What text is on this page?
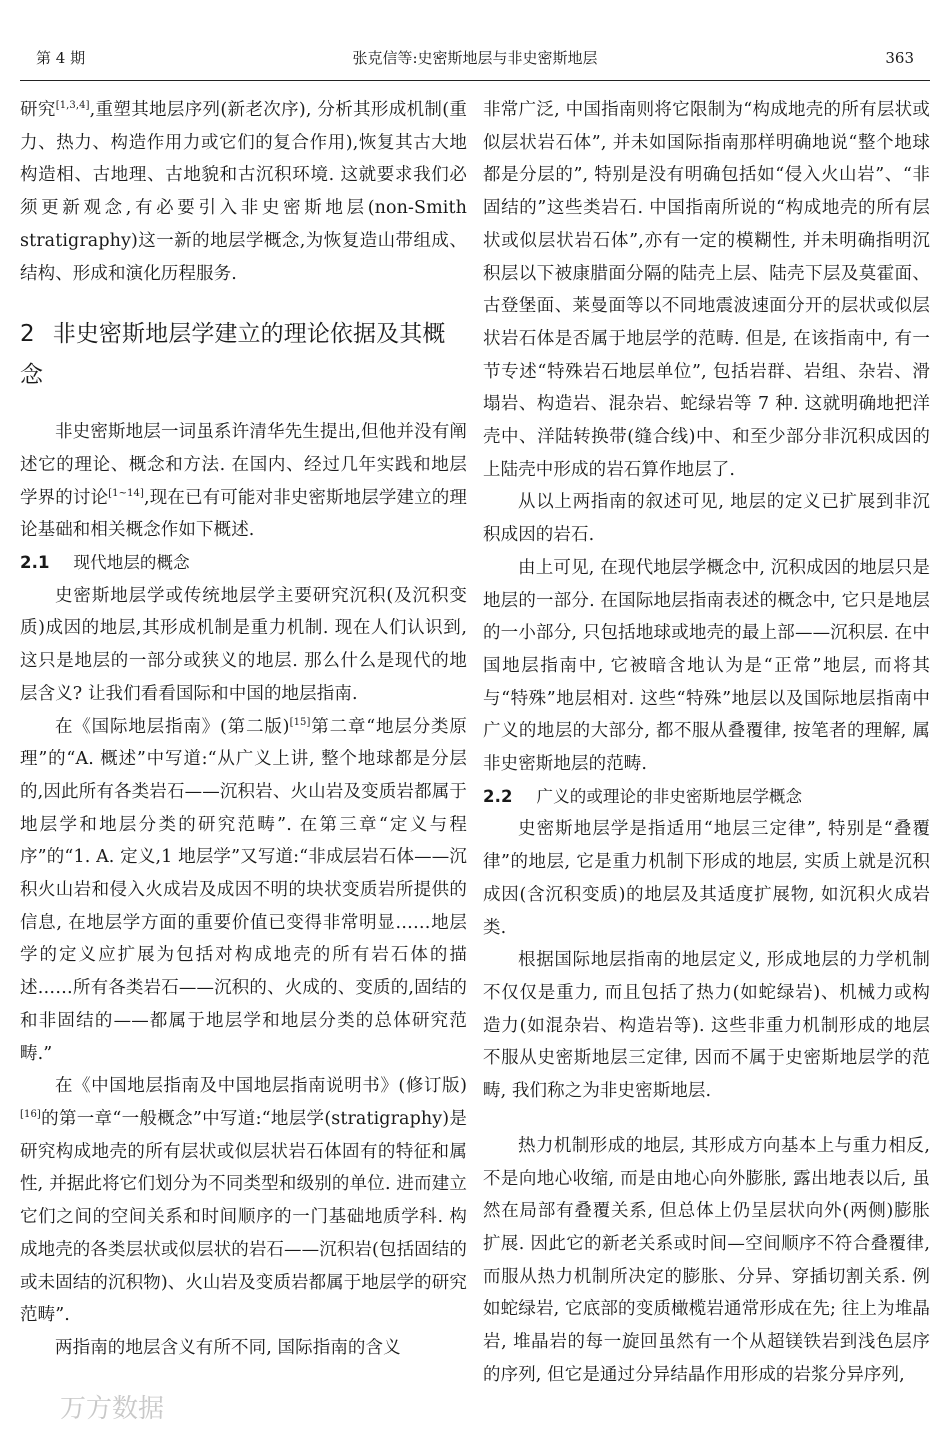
第 4 期	张克信等:史密斯地层与非史密斯地层	363

研究[1,3,4],重塑其地层序列(新老次序), 分析其形成机制(重力、热力、构造作用力或它们的复合作用),恢复其古大地构造相、古地理、古地貌和古沉积环境. 这就要求我们必须更新观念,有必要引入非史密斯地层(non-Smith stratigraphy)这一新的地层学概念,为恢复造山带组成、结构、形成和演化历程服务.

2 非史密斯地层学建立的理论依据及其概念

非史密斯地层一词虽系许清华先生提出,但他并没有阐述它的理论、概念和方法. 在国内、经过几年实践和地层学界的讨论[1~14],现在已有可能对非史密斯地层学建立的理论基础和相关概念作如下概述.

2.1 现代地层的概念

史密斯地层学或传统地层学主要研究沉积(及沉积变质)成因的地层,其形成机制是重力机制. 现在人们认识到,这只是地层的一部分或狭义的地层. 那么什么是现代的地层含义? 让我们看看国际和中国的地层指南.

在《国际地层指南》(第二版)[15]第二章“地层分类原理”的“A. 概述”中写道:“从广义上讲, 整个地球都是分层的,因此所有各类岩石——沉积岩、火山岩及变质岩都属于地层学和地层分类的研究范畴”. 在第三章“定义与程序”的“1. A. 定义,1 地层学”又写道:“非成层岩石体——沉积火山岩和侵入火成岩及成因不明的块状变质岩所提供的信息, 在地层学方面的重要价值已变得非常明显……地层学的定义应扩展为包括对构成地壳的所有岩石体的描述……所有各类岩石——沉积的、火成的、变质的,固结的和非固结的——都属于地层学和地层分类的总体研究范畴.”

在《中国地层指南及中国地层指南说明书》(修订版)[16]的第一章“一般概念”中写道:“地层学(stratigraphy)是研究构成地壳的所有层状或似层状岩石体固有的特征和属性, 并据此将它们划分为不同类型和级别的单位. 进而建立它们之间的空间关系和时间顺序的一门基础地质学科. 构成地壳的各类层状或似层状的岩石——沉积岩(包括固结的或未固结的沉积物)、火山岩及变质岩都属于地层学的研究范畴”.

两指南的地层含义有所不同, 国际指南的含义

非常广泛, 中国指南则将它限制为“构成地壳的所有层状或似层状岩石体”, 并未如国际指南那样明确地说“整个地球都是分层的”, 特别是没有明确包括如“侵入火山岩”、“非固结的”这些类岩石. 中国指南所说的“构成地壳的所有层状或似层状岩石体”,亦有一定的模糊性, 并未明确指明沉积层以下被康腊面分隔的陆壳上层、陆壳下层及莫霍面、古登堡面、莱曼面等以不同地震波速面分开的层状或似层状岩石体是否属于地层学的范畴. 但是, 在该指南中, 有一节专述“特殊岩石地层单位”, 包括岩群、岩组、杂岩、滑塌岩、构造岩、混杂岩、蛇绿岩等 7 种. 这就明确地把洋壳中、洋陆转换带(缝合线)中、和至少部分非沉积成因的上陆壳中形成的岩石算作地层了.

从以上两指南的叙述可见, 地层的定义已扩展到非沉积成因的岩石.

由上可见, 在现代地层学概念中, 沉积成因的地层只是地层的一部分. 在国际地层指南表述的概念中, 它只是地层的一小部分, 只包括地球或地壳的最上部——沉积层. 在中国地层指南中, 它被暗含地认为是“正常”地层, 而将其与“特殊”地层相对. 这些“特殊”地层以及国际地层指南中广义的地层的大部分, 都不服从叠覆律, 按笔者的理解, 属非史密斯地层的范畴.

2.2 广义的或理论的非史密斯地层学概念

史密斯地层学是指适用“地层三定律”, 特别是“叠覆律”的地层, 它是重力机制下形成的地层, 实质上就是沉积成因(含沉积变质)的地层及其适度扩展物, 如沉积火成岩类.

根据国际地层指南的地层定义, 形成地层的力学机制不仅仅是重力, 而且包括了热力(如蛇绿岩)、机械力或构造力(如混杂岩、构造岩等). 这些非重力机制形成的地层不服从史密斯地层三定律, 因而不属于史密斯地层学的范畴, 我们称之为非史密斯地层.

热力机制形成的地层, 其形成方向基本上与重力相反, 不是向地心收缩, 而是由地心向外膨胀, 露出地表以后, 虽然在局部有叠覆关系, 但总体上仍呈层状向外(两侧)膨胀扩展. 因此它的新老关系或时间—空间顺序不符合叠覆律, 而服从热力机制所决定的膨胀、分异、穿插切割关系. 例如蛇绿岩, 它底部的变质橄榄岩通常形成在先; 往上为堆晶岩, 堆晶岩的每一旋回虽然有一个从超镁铁岩到浅色层序的序列, 但它是通过分异结晶作用形成的岩浆分异序列,

万方数据
